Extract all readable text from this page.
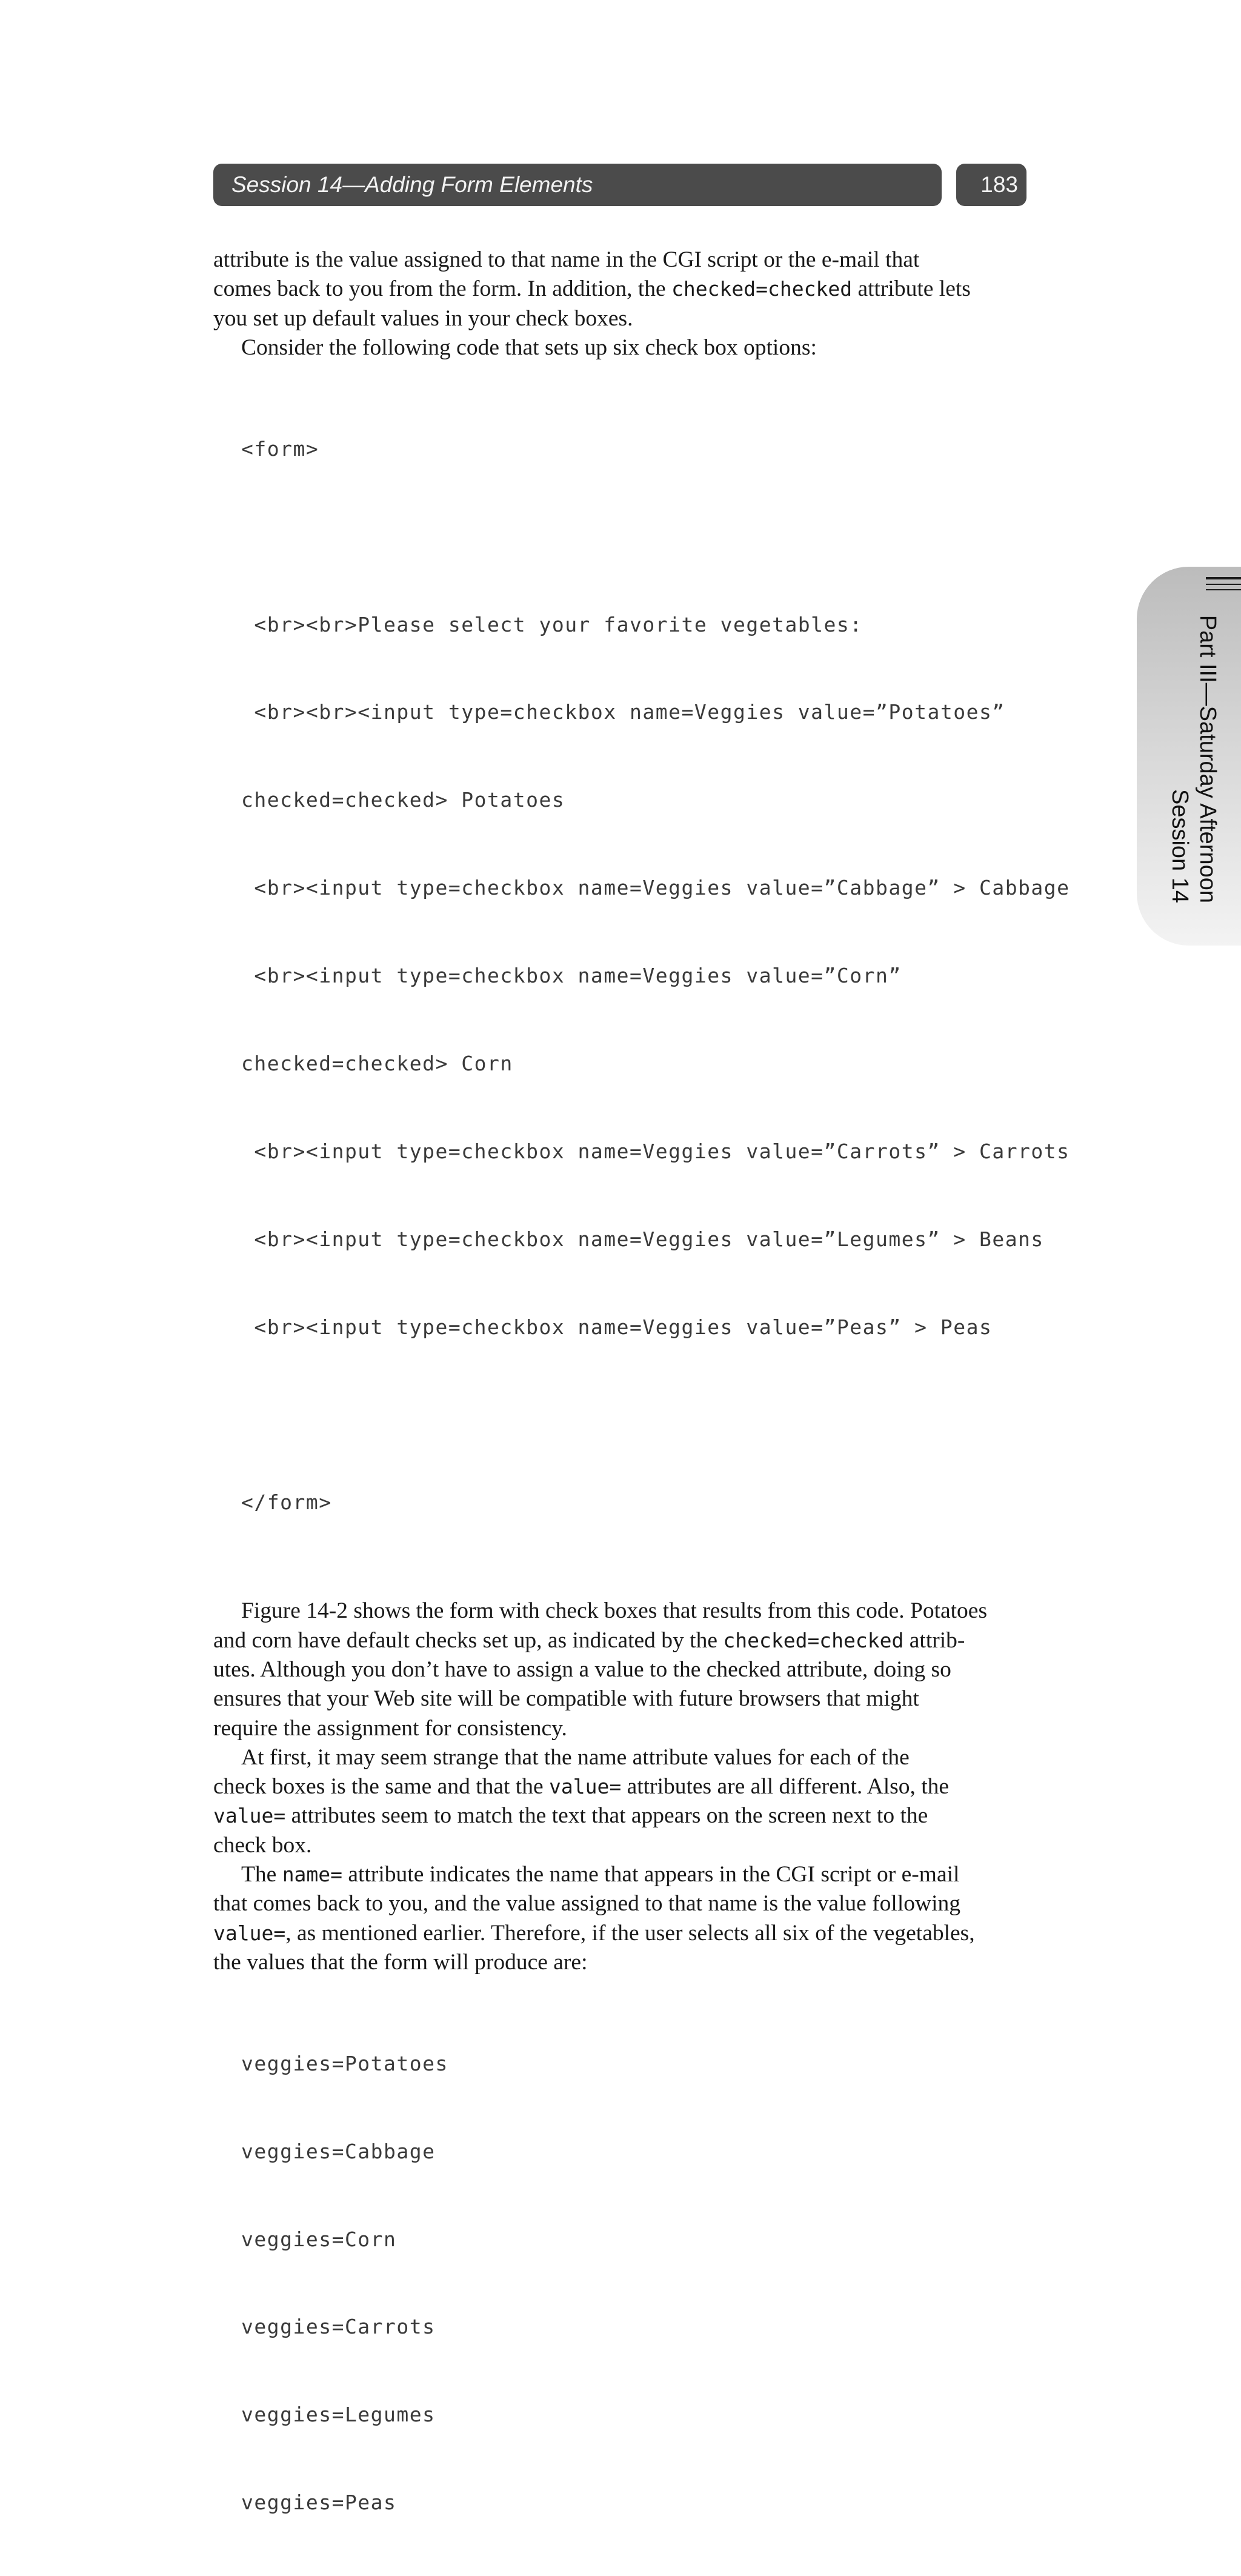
Session 14—Adding Form Elements	183
Part III—Saturday Afternoon
Session 14

attribute is the value assigned to that name in the CGI script or the e-mail that

comes back to you from the form. In addition, the checked=checked attribute lets

you set up default values in your check boxes.

Consider the following code that sets up six check box options:

<form>

<br><br>Please select your favorite vegetables:

<br><br><input type=checkbox name=Veggies value=”Potatoes”

checked=checked> Potatoes

<br><input type=checkbox name=Veggies value=”Cabbage” > Cabbage

<br><input type=checkbox name=Veggies value=”Corn”

checked=checked> Corn

<br><input type=checkbox name=Veggies value=”Carrots” > Carrots

<br><input type=checkbox name=Veggies value=”Legumes” > Beans

<br><input type=checkbox name=Veggies value=”Peas” > Peas

</form>

Figure 14-2 shows the form with check boxes that results from this code. Potatoes

and corn have default checks set up, as indicated by the checked=checked attrib-

utes. Although you don’t have to assign a value to the checked attribute, doing so

ensures that your Web site will be compatible with future browsers that might

require the assignment for consistency.

At first, it may seem strange that the name attribute values for each of the

check boxes is the same and that the value= attributes are all different. Also, the

value= attributes seem to match the text that appears on the screen next to the

check box.

The name= attribute indicates the name that appears in the CGI script or e-mail

that comes back to you, and the value assigned to that name is the value following

value=, as mentioned earlier. Therefore, if the user selects all six of the vegetables,

the values that the form will produce are:

veggies=Potatoes

veggies=Cabbage

veggies=Corn

veggies=Carrots

veggies=Legumes

veggies=Peas
